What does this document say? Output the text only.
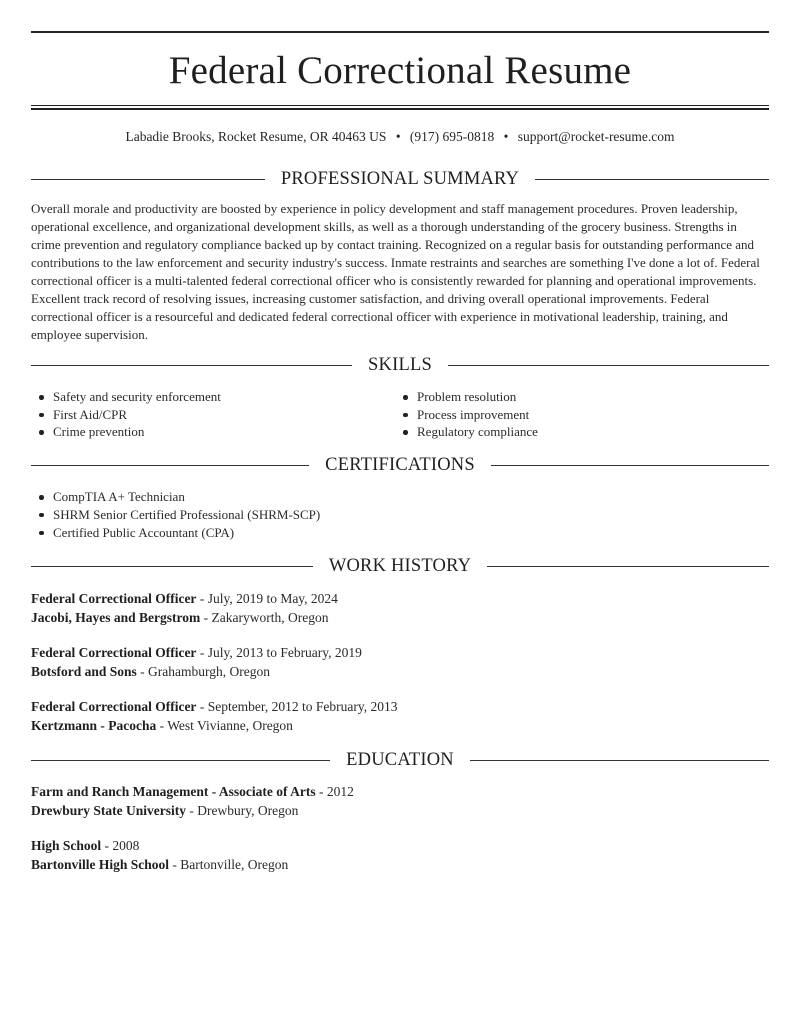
Federal Correctional Resume
Labadie Brooks, Rocket Resume, OR 40463 US • (917) 695-0818 • support@rocket-resume.com
PROFESSIONAL SUMMARY

Overall morale and productivity are boosted by experience in policy development and staff management procedures. Proven leadership, operational excellence, and organizational development skills, as well as a thorough understanding of the grocery business. Strengths in crime prevention and regulatory compliance backed up by contact training. Recognized on a regular basis for outstanding performance and contributions to the law enforcement and security industry's success. Inmate restraints and searches are something I've done a lot of. Federal correctional officer is a multi-talented federal correctional officer who is consistently rewarded for planning and operational improvements. Excellent track record of resolving issues, increasing customer satisfaction, and driving overall operational improvements. Federal correctional officer is a resourceful and dedicated federal correctional officer with experience in motivational leadership, training, and employee supervision.

SKILLS
Safety and security enforcement
First Aid/CPR
Crime prevention
Problem resolution
Process improvement
Regulatory compliance
CERTIFICATIONS
CompTIA A+ Technician
SHRM Senior Certified Professional (SHRM-SCP)
Certified Public Accountant (CPA)
WORK HISTORY
Federal Correctional Officer - July, 2019 to May, 2024
Jacobi, Hayes and Bergstrom - Zakaryworth, Oregon
Federal Correctional Officer - July, 2013 to February, 2019
Botsford and Sons - Grahamburgh, Oregon
Federal Correctional Officer - September, 2012 to February, 2013
Kertzmann - Pacocha - West Vivianne, Oregon
EDUCATION
Farm and Ranch Management - Associate of Arts - 2012
Drewbury State University - Drewbury, Oregon
High School - 2008
Bartonville High School - Bartonville, Oregon
